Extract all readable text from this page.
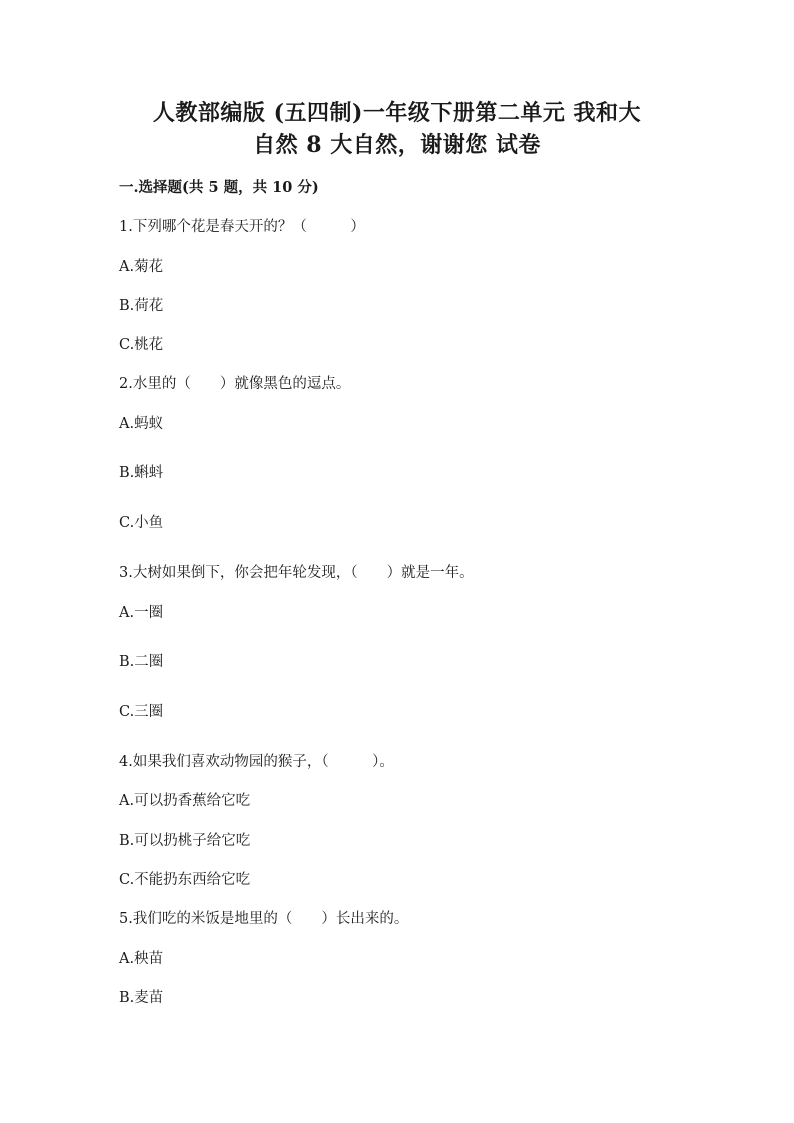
人教部编版 (五四制)一年级下册第二单元 我和大
自然 8 大自然，谢谢您 试卷
一.选择题(共 5 题，共 10 分)
1.下列哪个花是春天开的？（　　　）
A.菊花
B.荷花
C.桃花
2.水里的（　　）就像黑色的逗点。
A.蚂蚁
B.蝌蚪
C.小鱼
3.大树如果倒下，你会把年轮发现，（　　）就是一年。
A.一圈
B.二圈
C.三圈
4.如果我们喜欢动物园的猴子，（　　　）。
A.可以扔香蕉给它吃
B.可以扔桃子给它吃
C.不能扔东西给它吃
5.我们吃的米饭是地里的（　　）长出来的。
A.秧苗
B.麦苗
